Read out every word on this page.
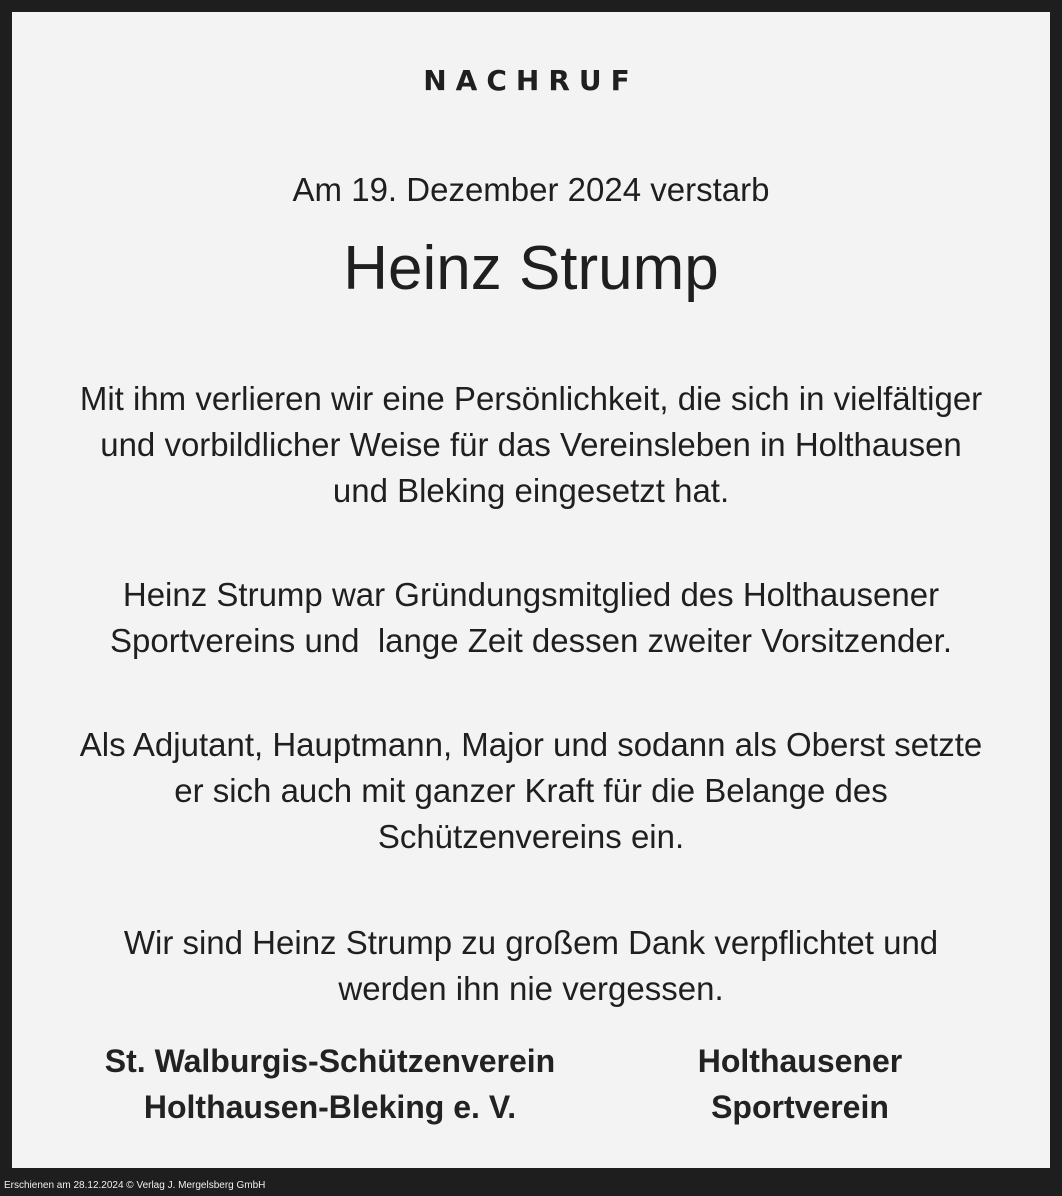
NACHRUF
Am 19. Dezember 2024 verstarb
Heinz Strump
Mit ihm verlieren wir eine Persönlichkeit, die sich in vielfältiger
und vorbildlicher Weise für das Vereinsleben in Holthausen
und Bleking eingesetzt hat.
Heinz Strump war Gründungsmitglied des Holthausener
Sportvereins und  lange Zeit dessen zweiter Vorsitzender.
Als Adjutant, Hauptmann, Major und sodann als Oberst setzte
er sich auch mit ganzer Kraft für die Belange des
Schützenvereins ein.
Wir sind Heinz Strump zu großem Dank verpflichtet und
werden ihn nie vergessen.
St. Walburgis-Schützenverein
Holthausen-Bleking e. V.
Holthausener
Sportverein
Erschienen am 28.12.2024 © Verlag J. Mergelsberg GmbH
